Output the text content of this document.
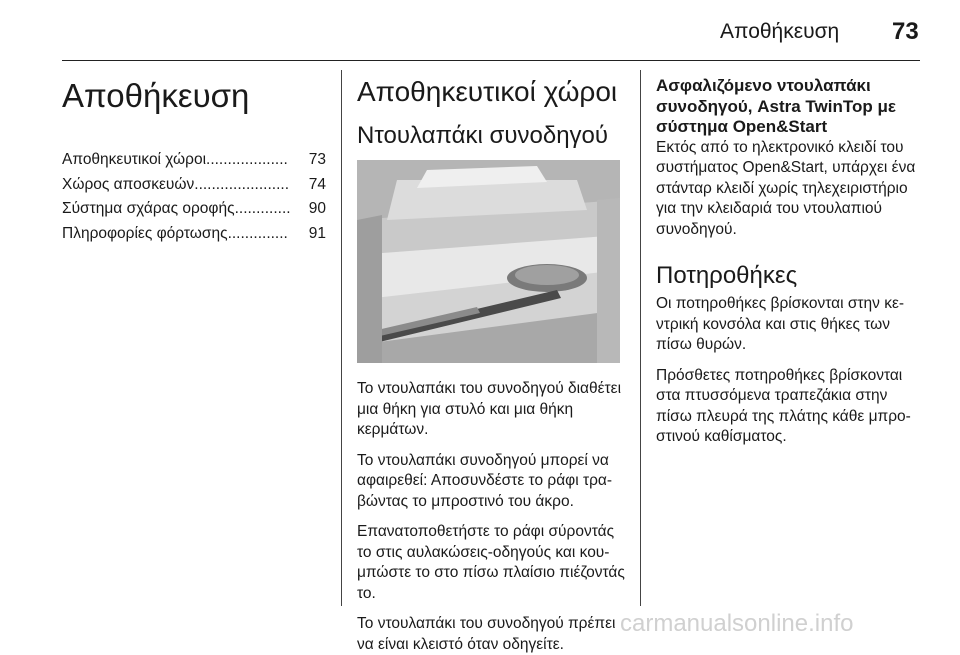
Αποθήκευση 73
Αποθήκευση
Αποθηκευτικοί χώροι ...................	73
Χώρος αποσκευών ......................	74
Σύστημα σχάρας οροφής .............	90
Πληροφορίες φόρτωσης ..............	91
Αποθηκευτικοί χώροι
Ντουλαπάκι συνοδηγού

Το ντουλαπάκι του συνοδηγού διαθέτει μια θήκη για στυλό και μια θήκη κερμάτων.

Το ντουλαπάκι συνοδηγού μπορεί να αφαιρεθεί: Αποσυνδέστε το ράφι τραβώντας το μπροστινό του άκρο.

Επανατοποθετήστε το ράφι σύροντάς το στις αυλακώσεις-οδηγούς και κουμπώστε το στο πίσω πλαίσιο πιέζοντάς το.

Το ντουλαπάκι του συνοδηγού πρέπει να είναι κλειστό όταν οδηγείτε.

Ασφαλιζόμενο ντουλαπάκι συνοδηγού, Astra TwinTop με σύστημα Open&Start

Εκτός από το ηλεκτρονικό κλειδί του συστήματος Open&Start, υπάρχει ένα στάνταρ κλειδί χωρίς τηλεχειριστήριο για την κλειδαριά του ντουλαπιού συνοδηγού.

Ποτηροθήκες

Οι ποτηροθήκες βρίσκονται στην κεντρική κονσόλα και στις θήκες των πίσω θυρών.

Πρόσθετες ποτηροθήκες βρίσκονται στα πτυσσόμενα τραπεζάκια στην πίσω πλευρά της πλάτης κάθε μπροστινού καθίσματος.

carmanualsonline.info
